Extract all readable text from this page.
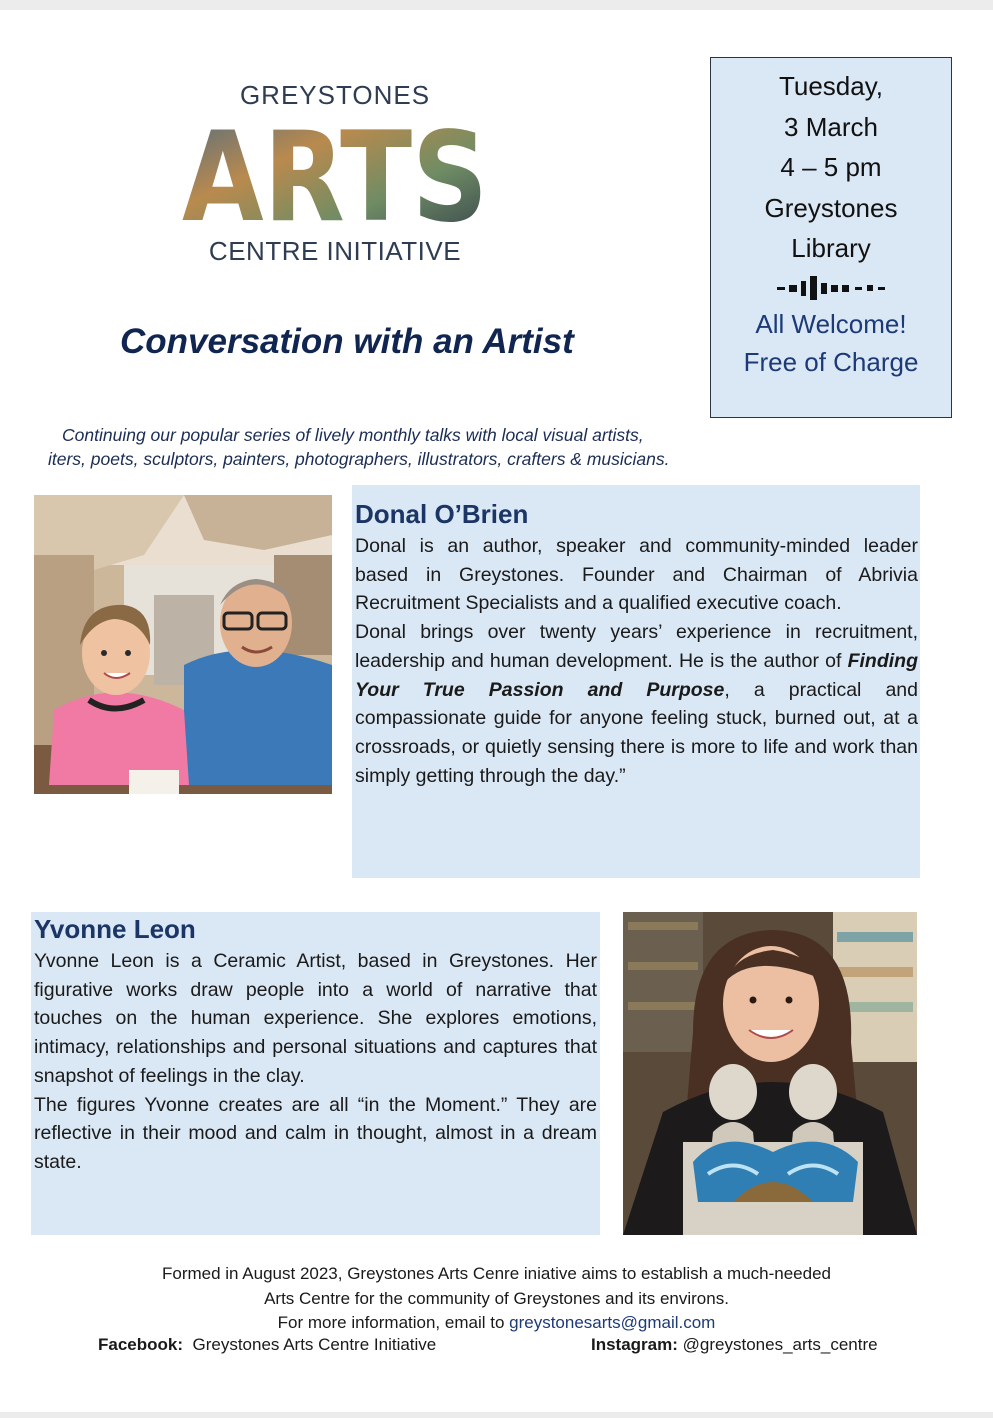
GREYSTONES
ARTS
CENTRE INITIATIVE
Conversation with an Artist
Tuesday,
3 March
4 – 5 pm
Greystones
Library
All Welcome!
Free of Charge
Continuing our popular series of lively monthly talks with local visual artists,
iters, poets, sculptors, painters, photographers, illustrators, crafters & musicians.
Donal O’Brien

Donal is an author, speaker and community-minded leader based in Greystones. Founder and Chairman of Abrivia Recruitment Specialists and a qualified executive coach.

Donal brings over twenty years’ experience in recruitment, leadership and human development. He is the author of Finding Your True Passion and Purpose, a practical and compassionate guide for anyone feeling stuck, burned out, at a crossroads, or quietly sensing there is more to life and work than simply getting through the day.”

Yvonne Leon

Yvonne Leon is a Ceramic Artist, based in Greystones. Her figurative works draw people into a world of narrative that touches on the human experience. She explores emotions, intimacy, relationships and personal situations and captures that snapshot of feelings in the clay.

The figures Yvonne creates are all “in the Moment.” They are reflective in their mood and calm in thought, almost in a dream state.

Formed in August 2023, Greystones Arts Cenre iniative aims to establish a much-needed
Arts Centre for the community of Greystones and its environs.
For more information, email to greystonesarts@gmail.com
Facebook: Greystones Arts Centre Initiative	Instagram: @greystones_arts_centre
